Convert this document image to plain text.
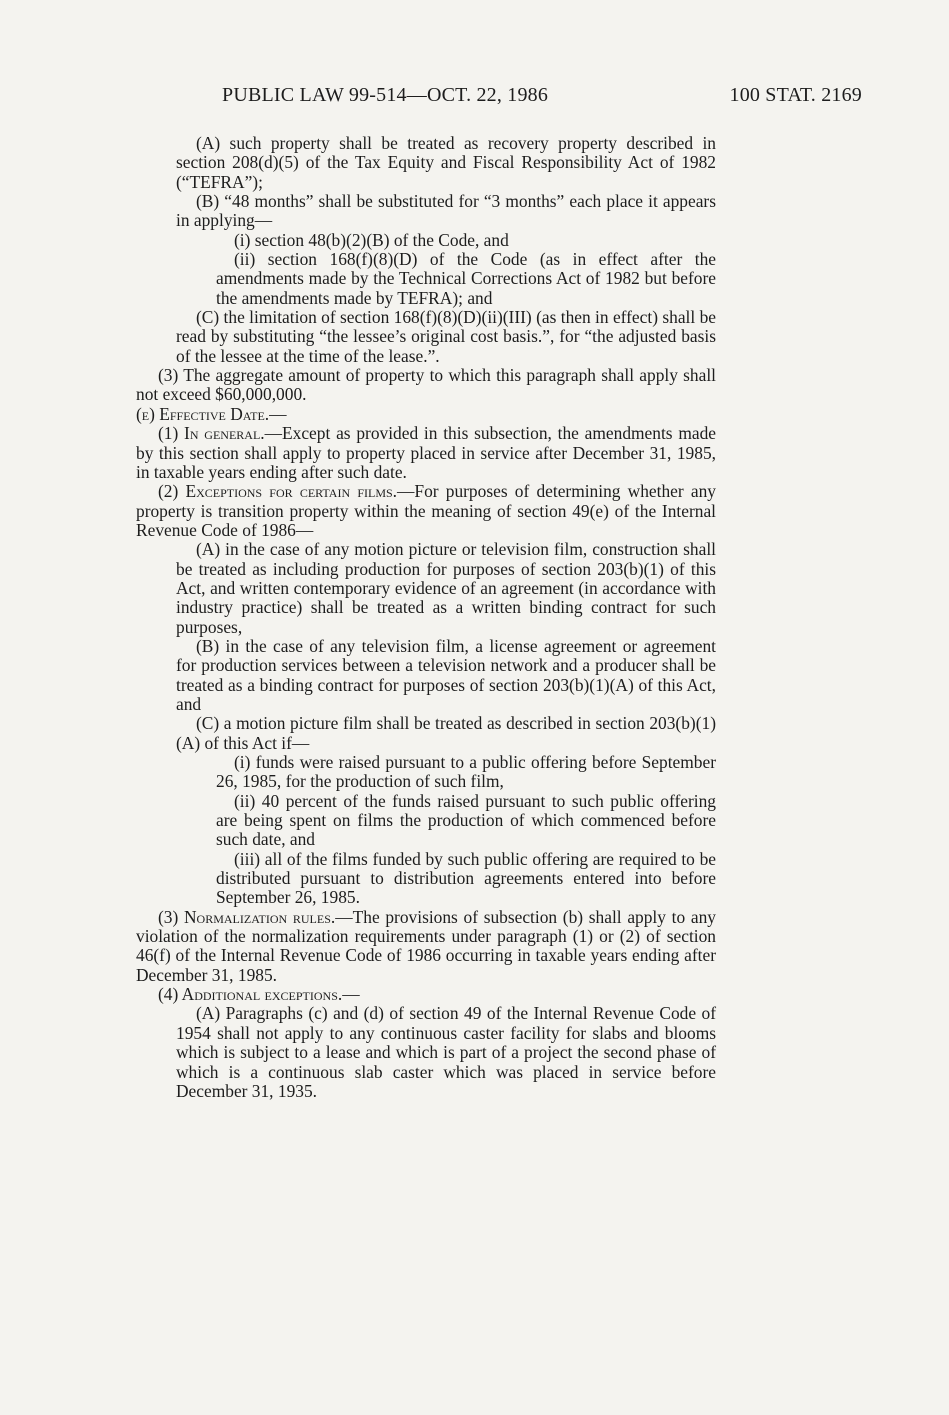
PUBLIC LAW 99-514—OCT. 22, 1986	100 STAT. 2169

(A) such property shall be treated as recovery property described in section 208(d)(5) of the Tax Equity and Fiscal Responsibility Act of 1982 (“TEFRA”);

(B) “48 months” shall be substituted for “3 months” each place it appears in applying—

(i) section 48(b)(2)(B) of the Code, and

(ii) section 168(f)(8)(D) of the Code (as in effect after the amendments made by the Technical Corrections Act of 1982 but before the amendments made by TEFRA); and

(C) the limitation of section 168(f)(8)(D)(ii)(III) (as then in effect) shall be read by substituting “the lessee’s original cost basis.”, for “the adjusted basis of the lessee at the time of the lease.”.

(3) The aggregate amount of property to which this paragraph shall apply shall not exceed $60,000,000.

(e) Effective Date.—

(1) In general.—Except as provided in this subsection, the amendments made by this section shall apply to property placed in service after December 31, 1985, in taxable years ending after such date.

(2) Exceptions for certain films.—For purposes of determining whether any property is transition property within the meaning of section 49(e) of the Internal Revenue Code of 1986—

(A) in the case of any motion picture or television film, construction shall be treated as including production for purposes of section 203(b)(1) of this Act, and written contemporary evidence of an agreement (in accordance with industry practice) shall be treated as a written binding contract for such purposes,

(B) in the case of any television film, a license agreement or agreement for production services between a television network and a producer shall be treated as a binding contract for purposes of section 203(b)(1)(A) of this Act, and

(C) a motion picture film shall be treated as described in section 203(b)(1)(A) of this Act if—

(i) funds were raised pursuant to a public offering before September 26, 1985, for the production of such film,

(ii) 40 percent of the funds raised pursuant to such public offering are being spent on films the production of which commenced before such date, and

(iii) all of the films funded by such public offering are required to be distributed pursuant to distribution agreements entered into before September 26, 1985.

(3) Normalization rules.—The provisions of subsection (b) shall apply to any violation of the normalization requirements under paragraph (1) or (2) of section 46(f) of the Internal Revenue Code of 1986 occurring in taxable years ending after December 31, 1985.

(4) Additional exceptions.—

(A) Paragraphs (c) and (d) of section 49 of the Internal Revenue Code of 1954 shall not apply to any continuous caster facility for slabs and blooms which is subject to a lease and which is part of a project the second phase of which is a continuous slab caster which was placed in service before December 31, 1935.
